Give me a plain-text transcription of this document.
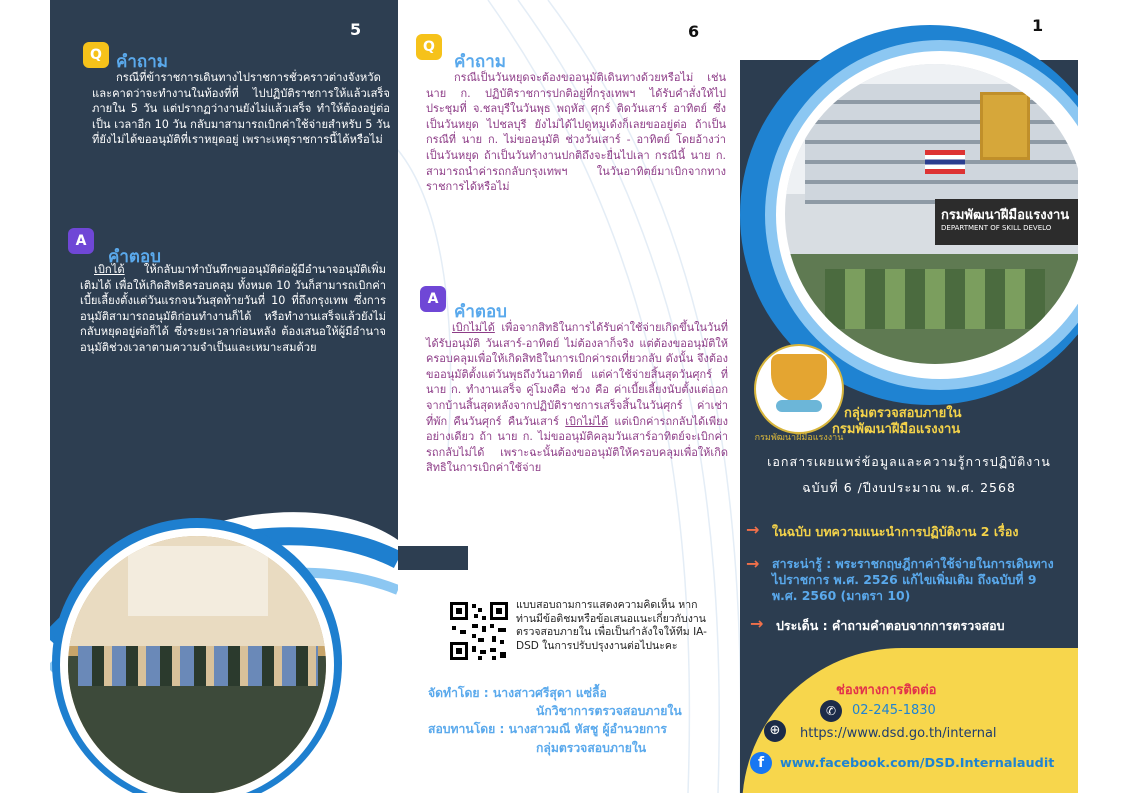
5
Q คำถาม
กรณีที่ข้าราชการเดินทางไปราชการชั่วคราวต่างจังหวัดและคาดว่าจะทำงานในท้องที่ที่ ไปปฏิบัติราชการให้แล้วเสร็จภายใน 5 วัน แต่ปรากฏว่างานยังไม่แล้วเสร็จ ทำให้ต้องอยู่ต่อเป็น เวลาอีก 10 วัน กลับมาสามารถเบิกค่าใช้จ่ายสำหรับ 5 วันที่ยังไม่ได้ขออนุมัติที่เราหยุดอยู่ เพราะเหตุราชการนี้ได้หรือไม่
A
คำตอบ
เบิกได้ ให้กลับมาทำบันทึกขออนุมัติต่อผู้มีอำนาจอนุมัติเพิ่มเติมได้ เพื่อให้เกิดสิทธิครอบคลุม ทั้งหมด 10 วันก็สามารถเบิกค่าเบี้ยเลี้ยงตั้งแต่วันแรกจนวันสุดท้ายวันที่ 10 ที่ถึงกรุงเทพ ซึ่งการอนุมัติสามารถอนุมัติก่อนทำงานก็ได้ หรือทำงานเสร็จแล้วยังไม่กลับหยุดอยู่ต่อก็ได้ ซึ่งระยะเวลาก่อนหลัง ต้องเสนอให้ผู้มีอำนาจอนุมัติช่วงเวลาตามความจำเป็นและเหมาะสมด้วย
6
Q
คำถาม
กรณีเป็นวันหยุดจะต้องขออนุมัติเดินทางด้วยหรือไม่ เช่น นาย ก. ปฏิบัติราชการปกติอยู่ที่กรุงเทพฯ ได้รับคำสั่งให้ไปประชุมที่ จ.ชลบุรีในวันพุธ พฤหัส ศุกร์ ติดวันเสาร์ อาทิตย์ ซึ่งเป็นวันหยุด ไปชลบุรี ยังไม่ได้ไปดูหมูเด้งก็เลยขออยู่ต่อ ถ้าเป็นกรณีที่ นาย ก. ไม่ขออนุมัติ ช่วงวันเสาร์ - อาทิตย์ โดยอ้างว่าเป็นวันหยุด ถ้าเป็นวันทำงานปกติถึงจะยื่นไปเลา กรณีนี้ นาย ก. สามารถนำค่ารถกลับกรุงเทพฯ ในวันอาทิตย์มาเบิกจากทางราชการได้หรือไม่
A
คำตอบ
เบิกไม่ได้ เพื่อจากสิทธิในการได้รับค่าใช้จ่ายเกิดขึ้นในวันที่ได้รับอนุมัติ วันเสาร์-อาทิตย์ ไม่ต้องลาก็จริง แต่ต้องขออนุมัติให้ครอบคลุมเพื่อให้เกิดสิทธิในการเบิกค่ารถเที่ยวกลับ ดังนั้น จึงต้องขออนุมัติตั้งแต่วันพุธถึงวันอาทิตย์ แต่ค่าใช้จ่ายสิ้นสุดวันศุกร์ ที่ นาย ก. ทำงานเสร็จ คู่โมงคือ ช่วง คือ ค่าเบี้ยเลี้ยงนับตั้งแต่ออกจากบ้านสิ้นสุดหลังจากปฏิบัติราชการเสร็จสิ้นในวันศุกร์ ค่าเช่าที่พัก คืนวันศุกร์ คืนวันเสาร์ เบิกไม่ได้ แต่เบิกค่ารถกลับได้เพียงอย่างเดียว ถ้า นาย ก. ไม่ขออนุมัติคลุมวันเสาร์อาทิตย์จะเบิกค่ารถกลับไม่ได้ เพราะฉะนั้นต้องขออนุมัติให้ครอบคลุมเพื่อให้เกิดสิทธิในการเบิกค่าใช้จ่าย
แบบสอบถามการแสดงความคิดเห็น หากท่านมีข้อติชมหรือข้อเสนอแนะเกี่ยวกับงานตรวจสอบภายใน เพื่อเป็นกำลังใจให้ทีม IA-DSD ในการปรับปรุงงานต่อไปนะคะ
จัดทำโดย : นางสาวศรีสุดา แซ่ลื้อ
นักวิชาการตรวจสอบภายใน
สอบทานโดย : นางสาวมณี หัสชู ผู้อำนวยการ
กลุ่มตรวจสอบภายใน
1
กรมพัฒนาฝีมือแรงงาน
DEPARTMENT OF SKILL DEVELO
กรมพัฒนาฝีมือแรงงาน
กลุ่มตรวจสอบภายใน
กรมพัฒนาฝีมือแรงงาน
เอกสารเผยแพร่ข้อมูลและความรู้การปฏิบัติงาน
ฉบับที่ 6 /ปีงบประมาณ พ.ศ. 2568
→ ในฉบับ บทความแนะนำการปฏิบัติงาน 2 เรื่อง
→ สาระน่ารู้ : พระราชกฤษฎีกาค่าใช้จ่ายในการเดินทางไปราชการ พ.ศ. 2526 แก้ไขเพิ่มเติม ถึงฉบับที่ 9 พ.ศ. 2560 (มาตรา 10)
→ ประเด็น : คำถามคำตอบจากการตรวจสอบ
ช่องทางการติดต่อ
✆	02-245-1830
⊕	https://www.dsd.go.th/internal
f	www.facebook.com/DSD.Internalaudit
